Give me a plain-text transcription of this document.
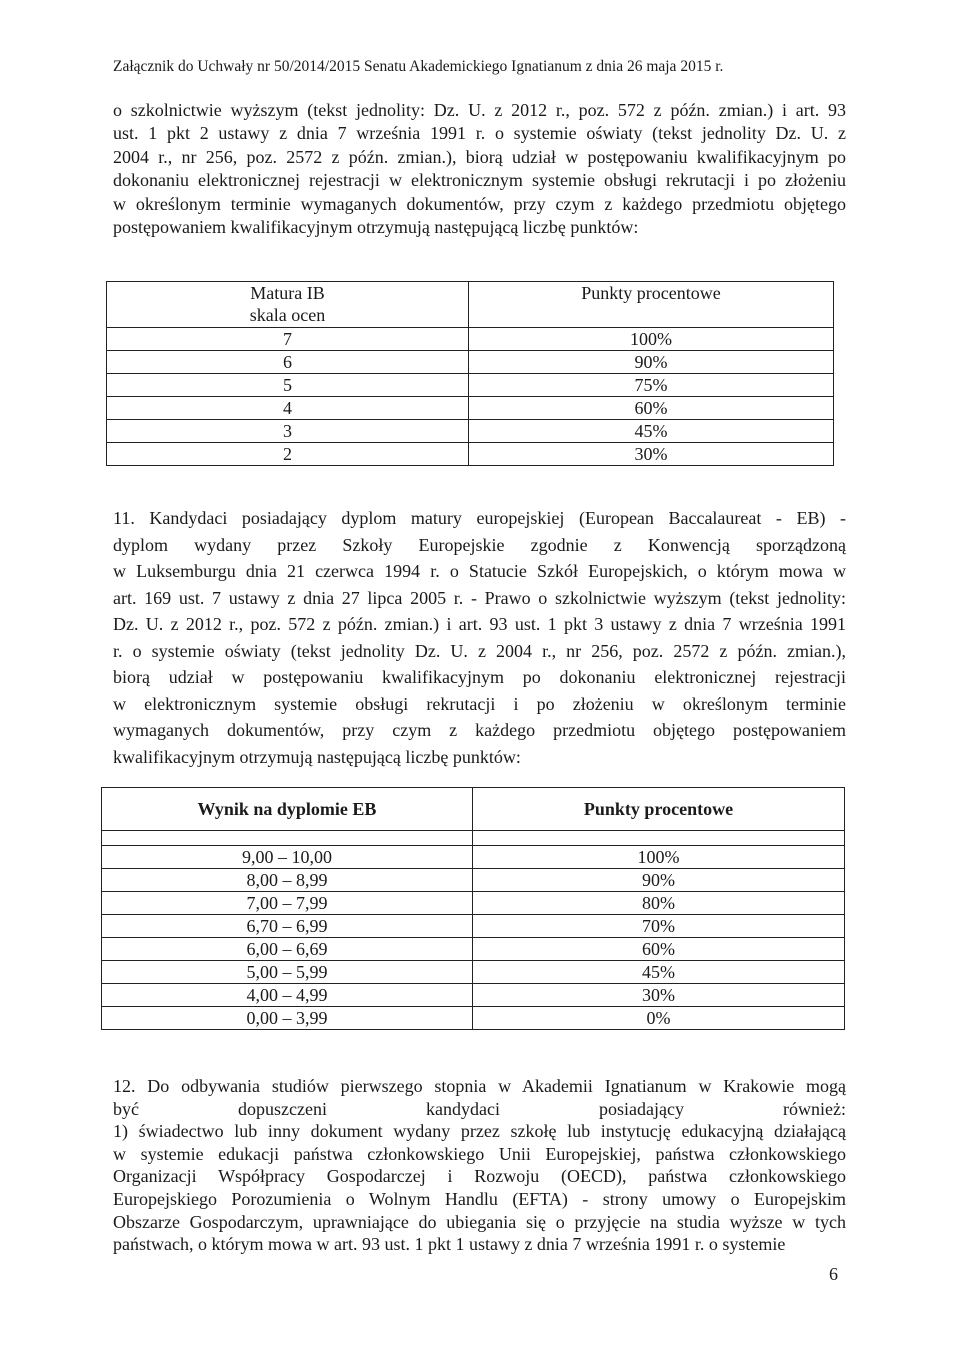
Załącznik do Uchwały nr 50/2014/2015 Senatu Akademickiego Ignatianum z dnia 26 maja 2015 r.

o szkolnictwie wyższym (tekst jednolity: Dz. U. z 2012 r., poz. 572 z późn. zmian.) i art. 93
ust. 1 pkt 2 ustawy z dnia 7 września 1991 r. o systemie oświaty (tekst jednolity Dz. U. z
2004 r., nr 256, poz. 2572 z późn. zmian.), biorą udział w postępowaniu kwalifikacyjnym po
dokonaniu elektronicznej rejestracji w elektronicznym systemie obsługi rekrutacji i po złożeniu
w określonym terminie wymaganych dokumentów, przy czym z każdego przedmiotu objętego
postępowaniem kwalifikacyjnym otrzymują następującą liczbę punktów:

Matura IB
skala ocen	Punkty procentowe
7	100%
6	90%
5	75%
4	60%
3	45%
2	30%

11. Kandydaci posiadający dyplom matury europejskiej (European Baccalaureat - EB) -
dyplom wydany przez Szkoły Europejskie zgodnie z Konwencją sporządzoną
w Luksemburgu dnia 21 czerwca 1994 r. o Statucie Szkół Europejskich, o którym mowa w
art. 169 ust. 7 ustawy z dnia 27 lipca 2005 r. - Prawo o szkolnictwie wyższym (tekst jednolity:
Dz. U. z 2012 r., poz. 572 z późn. zmian.) i art. 93 ust. 1 pkt 3 ustawy z dnia 7 września 1991
r. o systemie oświaty (tekst jednolity Dz. U. z 2004 r., nr 256, poz. 2572 z późn. zmian.),
biorą udział w postępowaniu kwalifikacyjnym po dokonaniu elektronicznej rejestracji
w elektronicznym systemie obsługi rekrutacji i po złożeniu w określonym terminie
wymaganych dokumentów, przy czym z każdego przedmiotu objętego postępowaniem
kwalifikacyjnym otrzymują następującą liczbę punktów:

Wynik na dyplomie EB	Punkty procentowe

9,00 – 10,00	100%
8,00 – 8,99	90%
7,00 – 7,99	80%
6,70 – 6,99	70%
6,00 – 6,69	60%
5,00 – 5,99	45%
4,00 – 4,99	30%
0,00 – 3,99	0%

12. Do odbywania studiów pierwszego stopnia w Akademii Ignatianum w Krakowie mogą
być dopuszczeni kandydaci posiadający również:
1) świadectwo lub inny dokument wydany przez szkołę lub instytucję edukacyjną działającą
w systemie edukacji państwa członkowskiego Unii Europejskiej, państwa członkowskiego
Organizacji Współpracy Gospodarczej i Rozwoju (OECD), państwa członkowskiego
Europejskiego Porozumienia o Wolnym Handlu (EFTA) - strony umowy o Europejskim
Obszarze Gospodarczym, uprawniające do ubiegania się o przyjęcie na studia wyższe w tych
państwach, o którym mowa w art. 93 ust. 1 pkt 1 ustawy z dnia 7 września 1991 r. o systemie

6
